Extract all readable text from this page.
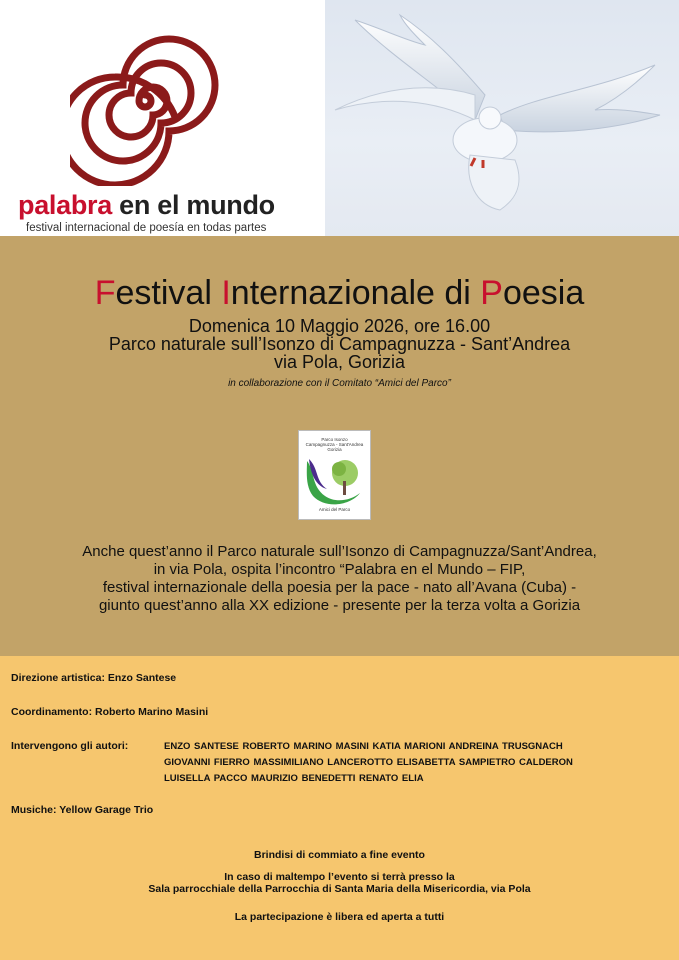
palabra en el mundo
festival internacional de poesía en todas partes
Festival Internazionale di Poesia
Domenica 10 Maggio 2026, ore 16.00
Parco naturale sull’Isonzo di Campagnuzza - Sant’Andrea
via Pola, Gorizia
in collaborazione con il Comitato “Amici del Parco”
Parco Isonzo
Campagnuzza - Sant'Andrea
Gorizia
Amici del Parco
Anche quest’anno il Parco naturale sull’Isonzo di Campagnuzza/Sant’Andrea,
in via Pola, ospita l’incontro “Palabra en el Mundo – FIP,
festival internazionale della poesia per la pace - nato all’Avana (Cuba) -
giunto quest’anno alla XX edizione - presente per la terza volta a Gorizia
Direzione artistica: Enzo Santese
Coordinamento: Roberto Marino Masini
Intervengono gli autori:	ENZO SANTESE ROBERTO MARINO MASINI KATIA MARIONI ANDREINA TRUSGNACH
GIOVANNI FIERRO MASSIMILIANO LANCEROTTO ELISABETTA SAMPIETRO CALDERON
LUISELLA PACCO MAURIZIO BENEDETTI RENATO ELIA
Musiche: Yellow Garage Trio
Brindisi di commiato a fine evento
In caso di maltempo l’evento si terrà presso la
Sala parrocchiale della Parrocchia di Santa Maria della Misericordia, via Pola
La partecipazione è libera ed aperta a tutti
